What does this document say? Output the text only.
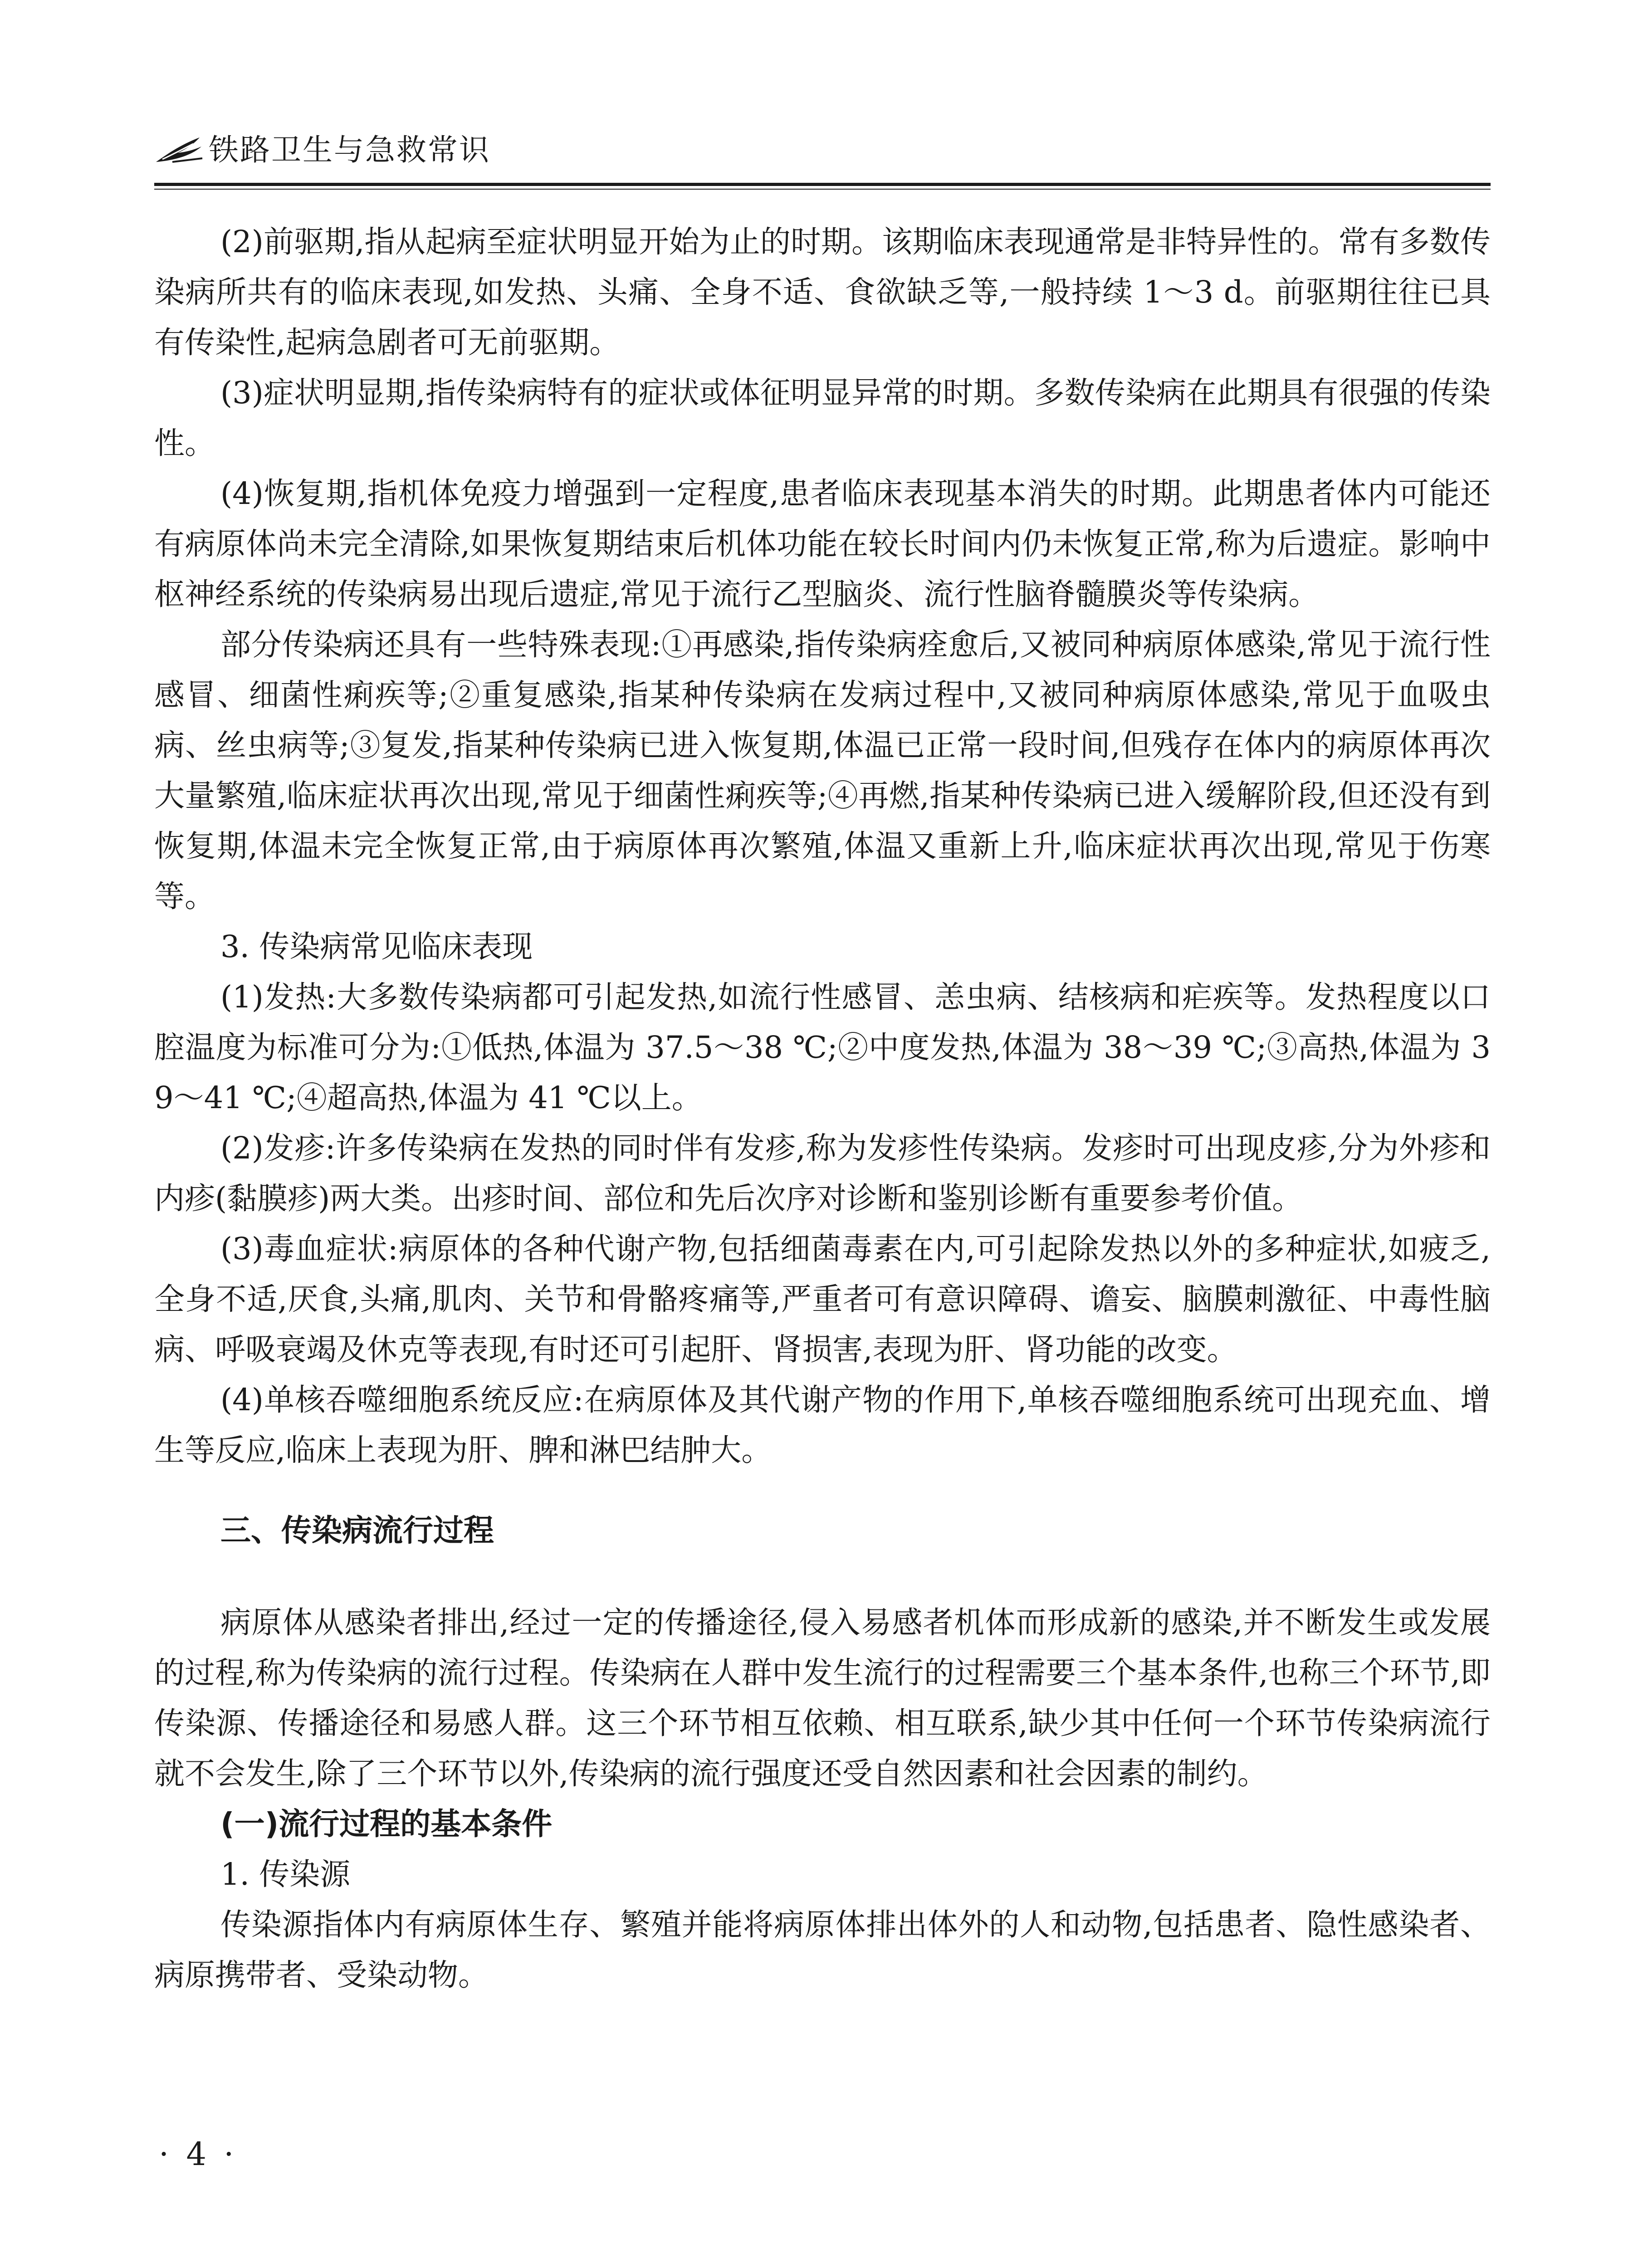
铁路卫生与急救常识

(2)前驱期,指从起病至症状明显开始为止的时期。该期临床表现通常是非特异性的。常有多数传染病所共有的临床表现,如发热、头痛、全身不适、食欲缺乏等,一般持续 1～3 d。前驱期往往已具有传染性,起病急剧者可无前驱期。

(3)症状明显期,指传染病特有的症状或体征明显异常的时期。多数传染病在此期具有很强的传染性。

(4)恢复期,指机体免疫力增强到一定程度,患者临床表现基本消失的时期。此期患者体内可能还有病原体尚未完全清除,如果恢复期结束后机体功能在较长时间内仍未恢复正常,称为后遗症。影响中枢神经系统的传染病易出现后遗症,常见于流行乙型脑炎、流行性脑脊髓膜炎等传染病。

部分传染病还具有一些特殊表现:①再感染,指传染病痊愈后,又被同种病原体感染,常见于流行性感冒、细菌性痢疾等;②重复感染,指某种传染病在发病过程中,又被同种病原体感染,常见于血吸虫病、丝虫病等;③复发,指某种传染病已进入恢复期,体温已正常一段时间,但残存在体内的病原体再次大量繁殖,临床症状再次出现,常见于细菌性痢疾等;④再燃,指某种传染病已进入缓解阶段,但还没有到恢复期,体温未完全恢复正常,由于病原体再次繁殖,体温又重新上升,临床症状再次出现,常见于伤寒等。

3. 传染病常见临床表现

(1)发热:大多数传染病都可引起发热,如流行性感冒、恙虫病、结核病和疟疾等。发热程度以口腔温度为标准可分为:①低热,体温为 37.5～38 ℃;②中度发热,体温为 38～39 ℃;③高热,体温为 39～41 ℃;④超高热,体温为 41 ℃以上。

(2)发疹:许多传染病在发热的同时伴有发疹,称为发疹性传染病。发疹时可出现皮疹,分为外疹和内疹(黏膜疹)两大类。出疹时间、部位和先后次序对诊断和鉴别诊断有重要参考价值。

(3)毒血症状:病原体的各种代谢产物,包括细菌毒素在内,可引起除发热以外的多种症状,如疲乏,全身不适,厌食,头痛,肌肉、关节和骨骼疼痛等,严重者可有意识障碍、谵妄、脑膜刺激征、中毒性脑病、呼吸衰竭及休克等表现,有时还可引起肝、肾损害,表现为肝、肾功能的改变。

(4)单核吞噬细胞系统反应:在病原体及其代谢产物的作用下,单核吞噬细胞系统可出现充血、增生等反应,临床上表现为肝、脾和淋巴结肿大。

三、传染病流行过程

病原体从感染者排出,经过一定的传播途径,侵入易感者机体而形成新的感染,并不断发生或发展的过程,称为传染病的流行过程。传染病在人群中发生流行的过程需要三个基本条件,也称三个环节,即传染源、传播途径和易感人群。这三个环节相互依赖、相互联系,缺少其中任何一个环节传染病流行就不会发生,除了三个环节以外,传染病的流行强度还受自然因素和社会因素的制约。

(一)流行过程的基本条件

1. 传染源

传染源指体内有病原体生存、繁殖并能将病原体排出体外的人和动物,包括患者、隐性感染者、病原携带者、受染动物。

· 4 ·
